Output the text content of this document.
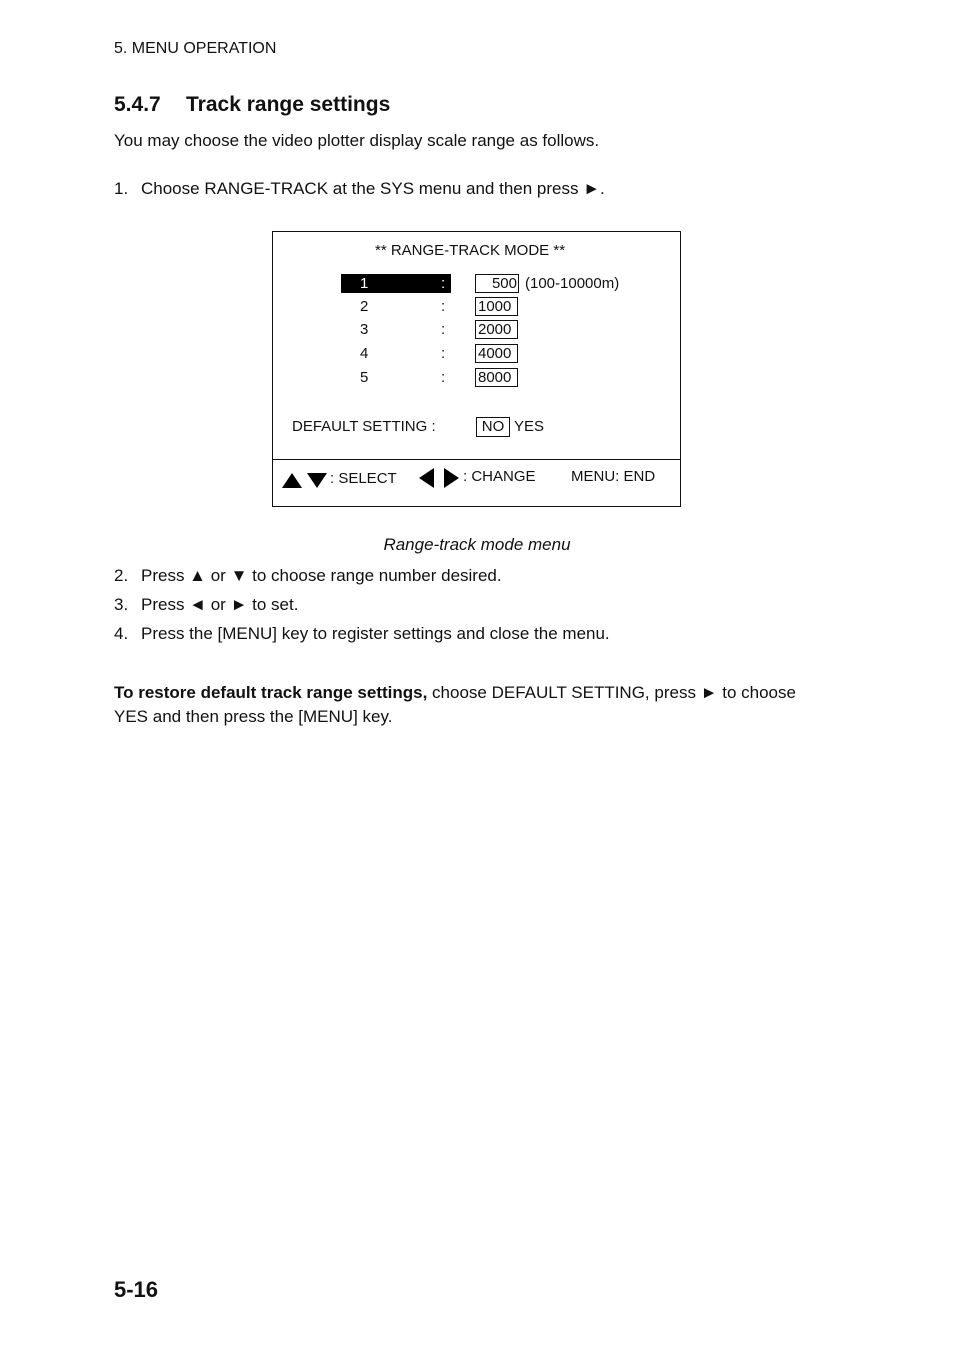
5. MENU OPERATION
5.4.7 Track range settings
You may choose the video plotter display scale range as follows.
1. Choose RANGE-TRACK at the SYS menu and then press ►.
** RANGE-TRACK MODE **
1	:	500 (100-10000m)
2	: 1000
3	: 2000
4	: 4000
5	: 8000
DEFAULT SETTING :	NO YES
: SELECT	: CHANGE MENU: END
Range-track mode menu
2. Press ▲ or ▼ to choose range number desired.
3. Press ◄ or ► to set.
4. Press the [MENU] key to register settings and close the menu.
To restore default track range settings, choose DEFAULT SETTING, press ► to choose YES and then press the [MENU] key.
5-16
